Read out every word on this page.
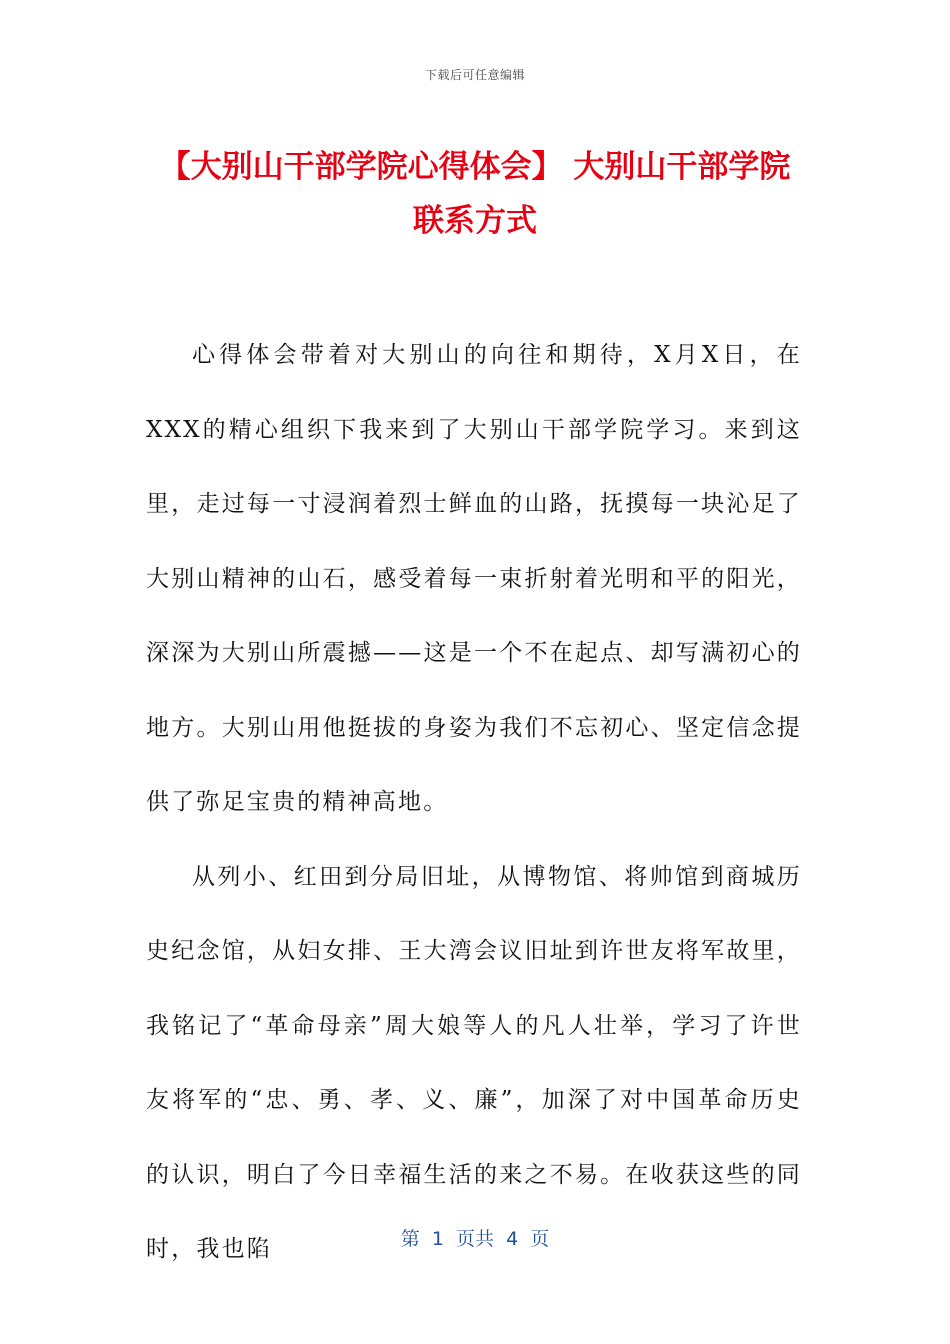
下载后可任意编辑
【大别山干部学院心得体会】 大别山干部学院联系方式

心得体会带着对大别山的向往和期待，X月X日，在XXX的精心组织下我来到了大别山干部学院学习。来到这里，走过每一寸浸润着烈士鲜血的山路，抚摸每一块沁足了大别山精神的山石，感受着每一束折射着光明和平的阳光，深深为大别山所震撼——这是一个不在起点、却写满初心的地方。大别山用他挺拔的身姿为我们不忘初心、坚定信念提供了弥足宝贵的精神高地。

从列小、红田到分局旧址，从博物馆、将帅馆到商城历史纪念馆，从妇女排、王大湾会议旧址到许世友将军故里，我铭记了“革命母亲”周大娘等人的凡人壮举，学习了许世友将军的“忠、勇、孝、义、廉”，加深了对中国革命历史的认识，明白了今日幸福生活的来之不易。在收获这些的同时，我也陷	第  1  页共  4  页
